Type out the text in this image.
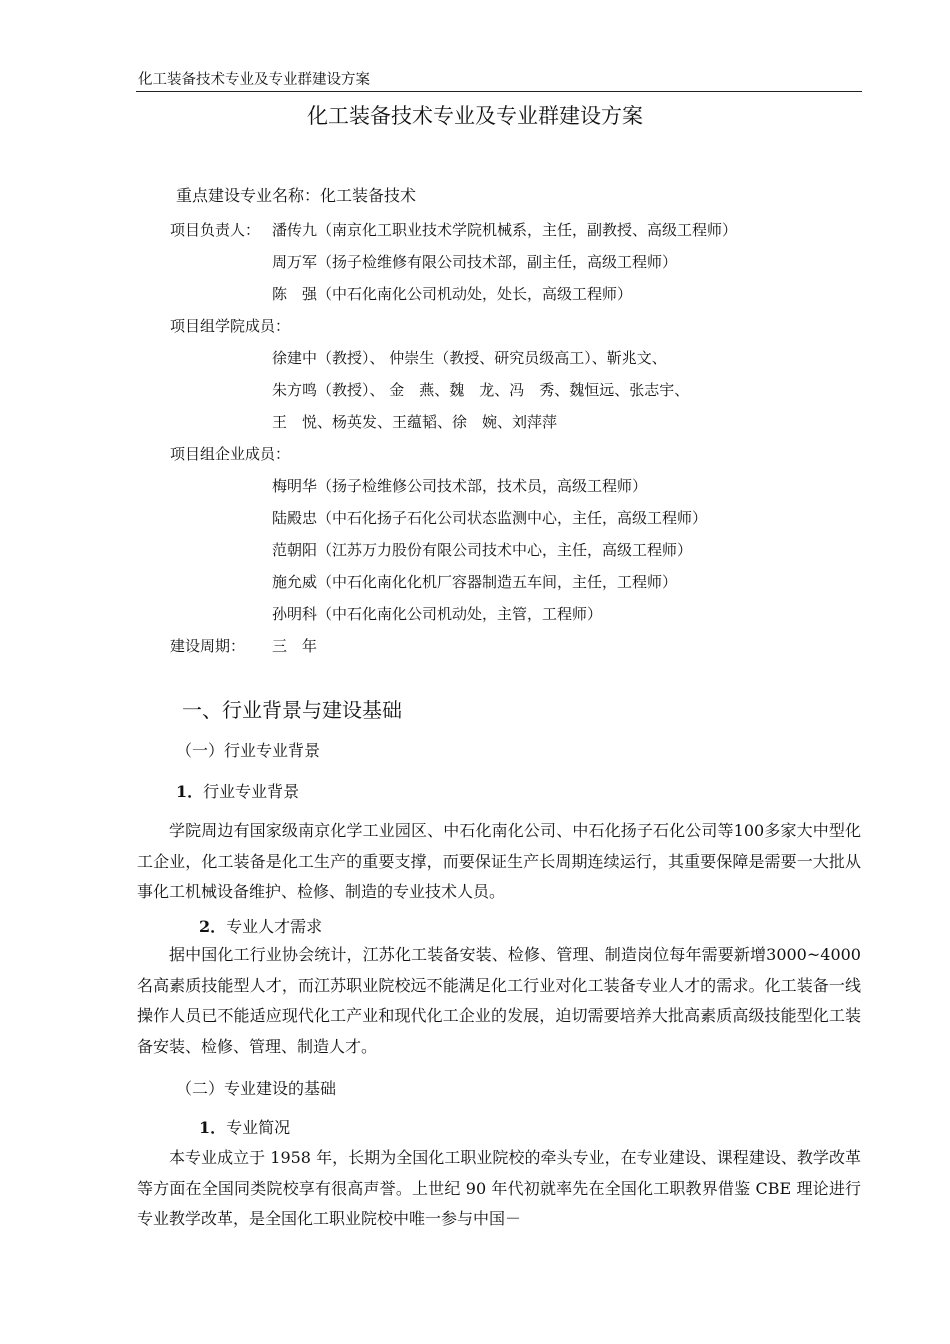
化工装备技术专业及专业群建设方案
化工装备技术专业及专业群建设方案
重点建设专业名称：化工装备技术
项目负责人： 潘传九（南京化工职业技术学院机械系，主任，副教授、高级工程师）
周万军（扬子检维修有限公司技术部，副主任，高级工程师）
陈　强（中石化南化公司机动处，处长，高级工程师）
项目组学院成员：
徐建中（教授）、 仲崇生（教授、研究员级高工）、靳兆文、
朱方鸣（教授）、 金　燕、魏　龙、冯　秀、魏恒远、张志宇、
王　悦、杨英发、王蕴韬、徐　婉、刘萍萍
项目组企业成员：
梅明华（扬子检维修公司技术部，技术员，高级工程师）
陆殿忠（中石化扬子石化公司状态监测中心，主任，高级工程师）
范朝阳（江苏万力股份有限公司技术中心，主任，高级工程师）
施允威（中石化南化化机厂容器制造五车间，主任，工程师）
孙明科（中石化南化公司机动处，主管，工程师）
建设周期： 三　年
一、行业背景与建设基础
（一）行业专业背景
1．行业专业背景
学院周边有国家级南京化学工业园区、中石化南化公司、中石化扬子石化公司等100多家大中型化工企业，化工装备是化工生产的重要支撑，而要保证生产长周期连续运行，其重要保障是需要一大批从事化工机械设备维护、检修、制造的专业技术人员。
2．专业人才需求
据中国化工行业协会统计，江苏化工装备安装、检修、管理、制造岗位每年需要新增3000~4000名高素质技能型人才，而江苏职业院校远不能满足化工行业对化工装备专业人才的需求。化工装备一线操作人员已不能适应现代化工产业和现代化工企业的发展，迫切需要培养大批高素质高级技能型化工装备安装、检修、管理、制造人才。
（二）专业建设的基础
1．专业简况
本专业成立于 1958 年，长期为全国化工职业院校的牵头专业，在专业建设、课程建设、教学改革等方面在全国同类院校享有很高声誉。上世纪 90 年代初就率先在全国化工职教界借鉴 CBE 理论进行专业教学改革，是全国化工职业院校中唯一参与中国－
